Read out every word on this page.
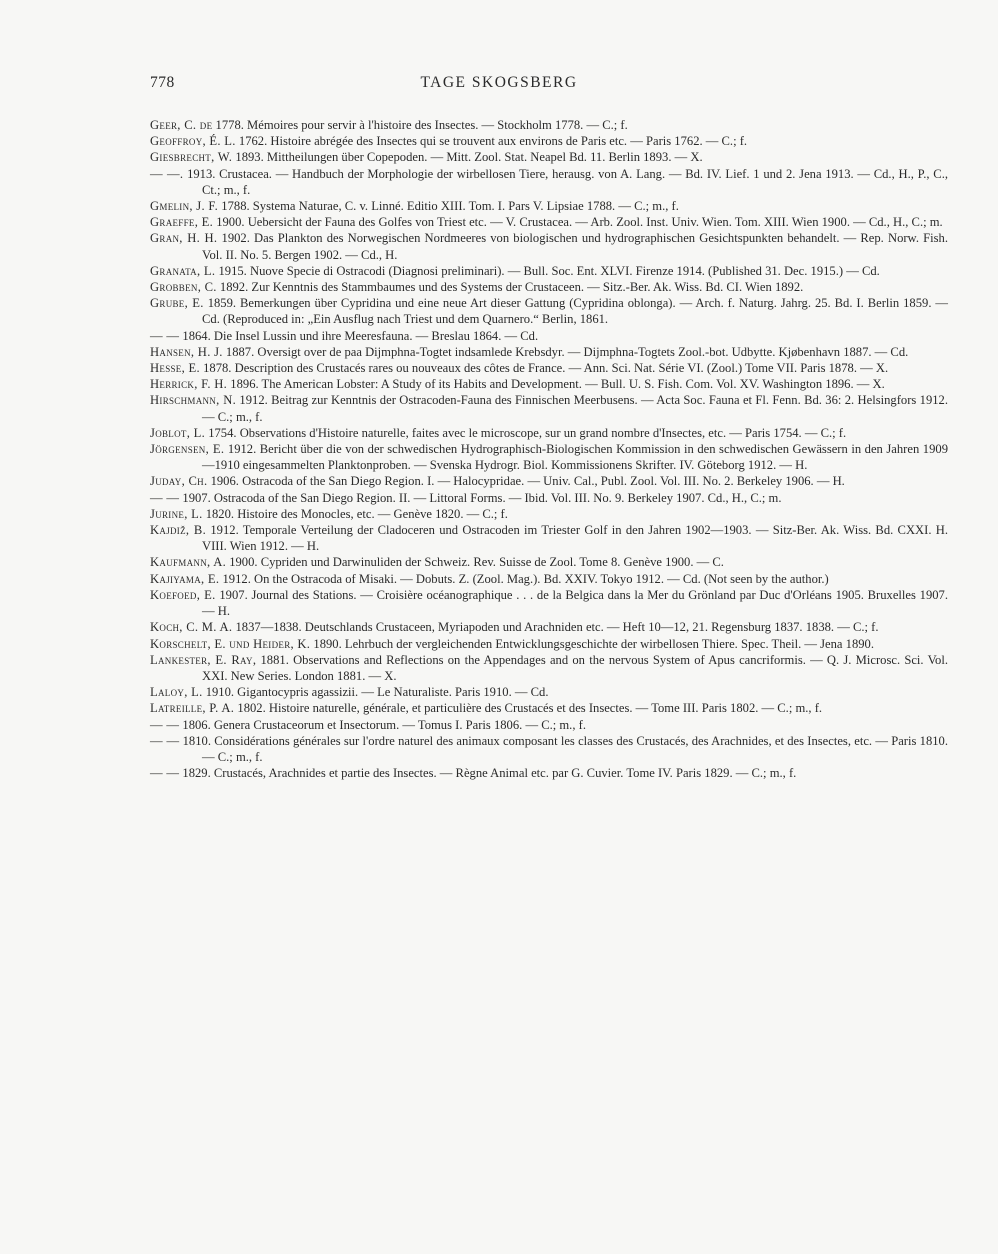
778	TAGE SKOGSBERG
Geer, C. de 1778. Mémoires pour servir à l'histoire des Insectes. — Stockholm 1778. — C.; f.
Geoffroy, É. L. 1762. Histoire abrégée des Insectes qui se trouvent aux environs de Paris etc. — Paris 1762. — C.; f.
Giesbrecht, W. 1893. Mittheilungen über Copepoden. — Mitt. Zool. Stat. Neapel Bd. 11. Berlin 1893. — X.
— —. 1913. Crustacea. — Handbuch der Morphologie der wirbellosen Tiere, herausg. von A. Lang. — Bd. IV. Lief. 1 und 2. Jena 1913. — Cd., H., P., C., Ct.; m., f.
Gmelin, J. F. 1788. Systema Naturae, C. v. Linné. Editio XIII. Tom. I. Pars V. Lipsiae 1788. — C.; m., f.
Graeffe, E. 1900. Uebersicht der Fauna des Golfes von Triest etc. — V. Crustacea. — Arb. Zool. Inst. Univ. Wien. Tom. XIII. Wien 1900. — Cd., H., C.; m.
Gran, H. H. 1902. Das Plankton des Norwegischen Nordmeeres von biologischen und hydrographischen Gesichtspunkten behandelt. — Rep. Norw. Fish. Vol. II. No. 5. Bergen 1902. — Cd., H.
Granata, L. 1915. Nuove Specie di Ostracodi (Diagnosi preliminari). — Bull. Soc. Ent. XLVI. Firenze 1914. (Published 31. Dec. 1915.) — Cd.
Grobben, C. 1892. Zur Kenntnis des Stammbaumes und des Systems der Crustaceen. — Sitz.-Ber. Ak. Wiss. Bd. CI. Wien 1892.
Grube, E. 1859. Bemerkungen über Cypridina und eine neue Art dieser Gattung (Cypridina oblonga). — Arch. f. Naturg. Jahrg. 25. Bd. I. Berlin 1859. — Cd. (Reproduced in: „Ein Ausflug nach Triest und dem Quarnero.“ Berlin, 1861.
— — 1864. Die Insel Lussin und ihre Meeresfauna. — Breslau 1864. — Cd.
Hansen, H. J. 1887. Oversigt over de paa Dijmphna-Togtet indsamlede Krebsdyr. — Dijmphna-Togtets Zool.-bot. Udbytte. Kjøbenhavn 1887. — Cd.
Hesse, E. 1878. Description des Crustacés rares ou nouveaux des côtes de France. — Ann. Sci. Nat. Série VI. (Zool.) Tome VII. Paris 1878. — X.
Herrick, F. H. 1896. The American Lobster: A Study of its Habits and Development. — Bull. U. S. Fish. Com. Vol. XV. Washington 1896. — X.
Hirschmann, N. 1912. Beitrag zur Kenntnis der Ostracoden-Fauna des Finnischen Meerbusens. — Acta Soc. Fauna et Fl. Fenn. Bd. 36: 2. Helsingfors 1912. — C.; m., f.
Joblot, L. 1754. Observations d'Histoire naturelle, faites avec le microscope, sur un grand nombre d'Insectes, etc. — Paris 1754. — C.; f.
Jörgensen, E. 1912. Bericht über die von der schwedischen Hydrographisch-Biologischen Kommission in den schwedischen Gewässern in den Jahren 1909—1910 eingesammelten Planktonproben. — Svenska Hydrogr. Biol. Kommissionens Skrifter. IV. Göteborg 1912. — H.
Juday, Ch. 1906. Ostracoda of the San Diego Region. I. — Halocypridae. — Univ. Cal., Publ. Zool. Vol. III. No. 2. Berkeley 1906. — H.
— — 1907. Ostracoda of the San Diego Region. II. — Littoral Forms. — Ibid. Vol. III. No. 9. Berkeley 1907. Cd., H., C.; m.
Jurine, L. 1820. Histoire des Monocles, etc. — Genève 1820. — C.; f.
Kajdiž, B. 1912. Temporale Verteilung der Cladoceren und Ostracoden im Triester Golf in den Jahren 1902—1903. — Sitz-Ber. Ak. Wiss. Bd. CXXI. H. VIII. Wien 1912. — H.
Kaufmann, A. 1900. Cypriden und Darwinuliden der Schweiz. Rev. Suisse de Zool. Tome 8. Genève 1900. — C.
Kajiyama, E. 1912. On the Ostracoda of Misaki. — Dobuts. Z. (Zool. Mag.). Bd. XXIV. Tokyo 1912. — Cd. (Not seen by the author.)
Koefoed, E. 1907. Journal des Stations. — Croisière océanographique . . . de la Belgica dans la Mer du Grönland par Duc d'Orléans 1905. Bruxelles 1907. — H.
Koch, C. M. A. 1837—1838. Deutschlands Crustaceen, Myriapoden und Arachniden etc. — Heft 10—12, 21. Regensburg 1837. 1838. — C.; f.
Korschelt, E. und Heider, K. 1890. Lehrbuch der vergleichenden Entwicklungsgeschichte der wirbellosen Thiere. Spec. Theil. — Jena 1890.
Lankester, E. Ray, 1881. Observations and Reflections on the Appendages and on the nervous System of Apus cancriformis. — Q. J. Microsc. Sci. Vol. XXI. New Series. London 1881. — X.
Laloy, L. 1910. Gigantocypris agassizii. — Le Naturaliste. Paris 1910. — Cd.
Latreille, P. A. 1802. Histoire naturelle, générale, et particulière des Crustacés et des Insectes. — Tome III. Paris 1802. — C.; m., f.
— — 1806. Genera Crustaceorum et Insectorum. — Tomus I. Paris 1806. — C.; m., f.
— — 1810. Considérations générales sur l'ordre naturel des animaux composant les classes des Crustacés, des Arachnides, et des Insectes, etc. — Paris 1810. — C.; m., f.
— — 1829. Crustacés, Arachnides et partie des Insectes. — Règne Animal etc. par G. Cuvier. Tome IV. Paris 1829. — C.; m., f.
